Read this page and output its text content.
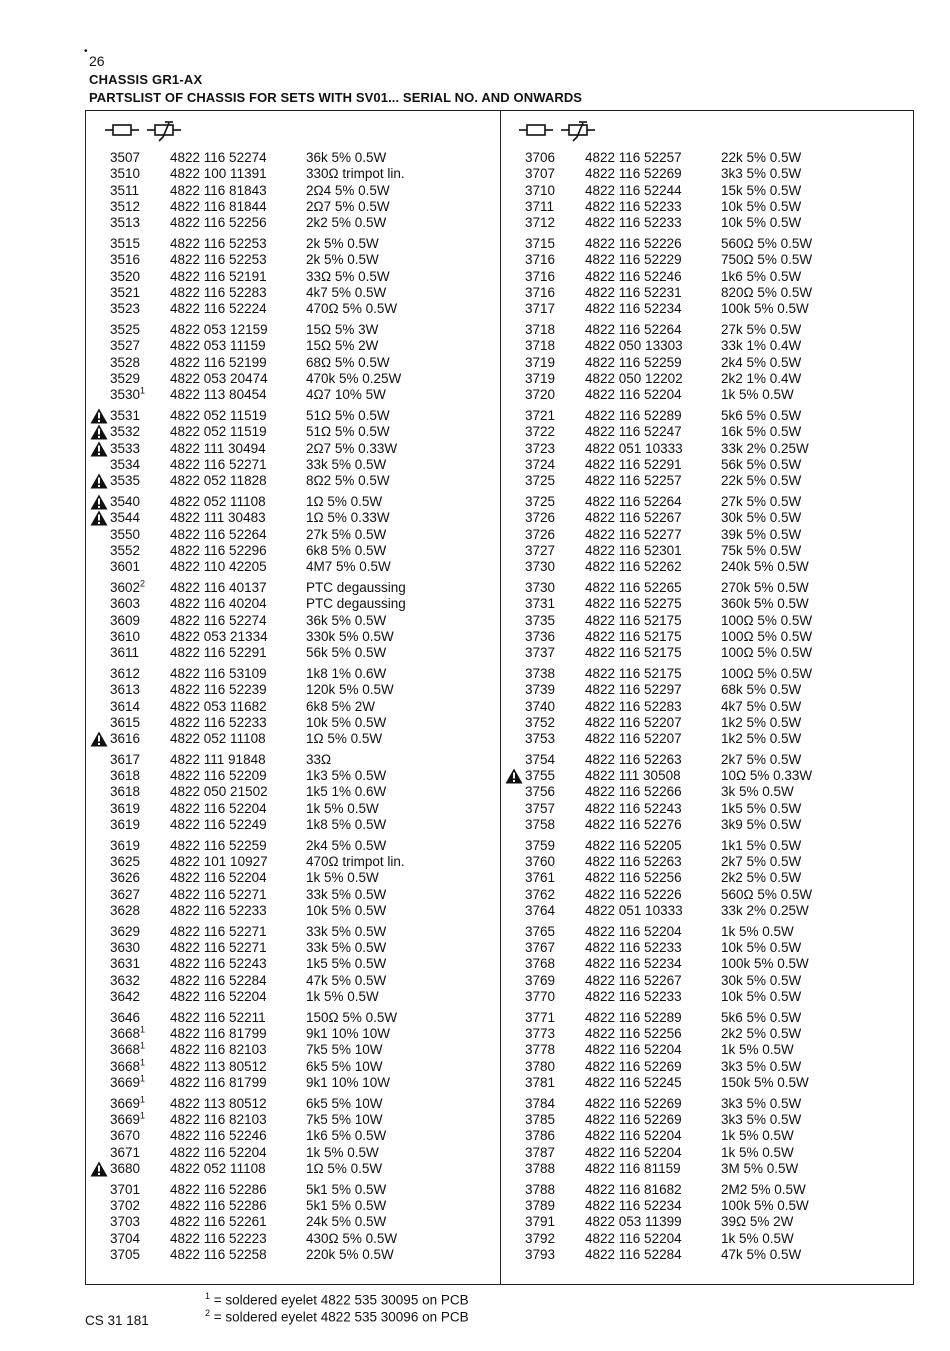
•
26
CHASSIS GR1-AX
PARTSLIST OF CHASSIS FOR SETS WITH SV01... SERIAL NO. AND ONWARDS
3507 4822 116 52274	36k 5% 0.5W
3510 4822 100 11391	330Ω trimpot lin.
3511 4822 116 81843	2Ω4 5% 0.5W
3512 4822 116 81844	2Ω7 5% 0.5W
3513 4822 116 52256	2k2 5% 0.5W
3515 4822 116 52253	2k 5% 0.5W
3516 4822 116 52253	2k 5% 0.5W
3520 4822 116 52191	33Ω 5% 0.5W
3521 4822 116 52283	4k7 5% 0.5W
3523 4822 116 52224	470Ω 5% 0.5W
3525 4822 053 12159	15Ω 5% 3W
3527 4822 053 11159	15Ω 5% 2W
3528 4822 116 52199	68Ω 5% 0.5W
3529 4822 053 20474	470k 5% 0.25W
3530$^1$ 4822 113 80454	4Ω7 10% 5W
3531 4822 052 11519	51Ω 5% 0.5W
3532 4822 052 11519	51Ω 5% 0.5W
3533 4822 111 30494	2Ω7 5% 0.33W
3534 4822 116 52271	33k 5% 0.5W
3535 4822 052 11828	8Ω2 5% 0.5W
3540 4822 052 11108	1Ω 5% 0.5W
3544 4822 111 30483	1Ω 5% 0.33W
3550 4822 116 52264	27k 5% 0.5W
3552 4822 116 52296	6k8 5% 0.5W
3601 4822 110 42205	4M7 5% 0.5W
3602$^2$ 4822 116 40137	PTC degaussing
3603 4822 116 40204	PTC degaussing
3609 4822 116 52274	36k 5% 0.5W
3610 4822 053 21334	330k 5% 0.5W
3611 4822 116 52291	56k 5% 0.5W
3612 4822 116 53109	1k8 1% 0.6W
3613 4822 116 52239	120k 5% 0.5W
3614 4822 053 11682	6k8 5% 2W
3615 4822 116 52233	10k 5% 0.5W
3616 4822 052 11108	1Ω 5% 0.5W
3617 4822 111 91848	33Ω
3618 4822 116 52209	1k3 5% 0.5W
3618 4822 050 21502	1k5 1% 0.6W
3619 4822 116 52204	1k 5% 0.5W
3619 4822 116 52249	1k8 5% 0.5W
3619 4822 116 52259	2k4 5% 0.5W
3625 4822 101 10927	470Ω trimpot lin.
3626 4822 116 52204	1k 5% 0.5W
3627 4822 116 52271	33k 5% 0.5W
3628 4822 116 52233	10k 5% 0.5W
3629 4822 116 52271	33k 5% 0.5W
3630 4822 116 52271	33k 5% 0.5W
3631 4822 116 52243	1k5 5% 0.5W
3632 4822 116 52284	47k 5% 0.5W
3642 4822 116 52204	1k 5% 0.5W
3646 4822 116 52211	150Ω 5% 0.5W
3668$^1$ 4822 116 81799	9k1 10% 10W
3668$^1$ 4822 116 82103	7k5 5% 10W
3668$^1$ 4822 113 80512	6k5 5% 10W
3669$^1$ 4822 116 81799	9k1 10% 10W
3669$^1$ 4822 113 80512	6k5 5% 10W
3669$^1$ 4822 116 82103	7k5 5% 10W
3670 4822 116 52246	1k6 5% 0.5W
3671 4822 116 52204	1k 5% 0.5W
3680 4822 052 11108	1Ω 5% 0.5W
3701 4822 116 52286	5k1 5% 0.5W
3702 4822 116 52286	5k1 5% 0.5W
3703 4822 116 52261	24k 5% 0.5W
3704 4822 116 52223	430Ω 5% 0.5W
3705 4822 116 52258	220k 5% 0.5W
3706 4822 116 52257	22k 5% 0.5W
3707 4822 116 52269	3k3 5% 0.5W
3710 4822 116 52244	15k 5% 0.5W
3711 4822 116 52233	10k 5% 0.5W
3712 4822 116 52233	10k 5% 0.5W
3715 4822 116 52226	560Ω 5% 0.5W
3716 4822 116 52229	750Ω 5% 0.5W
3716 4822 116 52246	1k6 5% 0.5W
3716 4822 116 52231	820Ω 5% 0.5W
3717 4822 116 52234	100k 5% 0.5W
3718 4822 116 52264	27k 5% 0.5W
3718 4822 050 13303	33k 1% 0.4W
3719 4822 116 52259	2k4 5% 0.5W
3719 4822 050 12202	2k2 1% 0.4W
3720 4822 116 52204	1k 5% 0.5W
3721 4822 116 52289	5k6 5% 0.5W
3722 4822 116 52247	16k 5% 0.5W
3723 4822 051 10333	33k 2% 0.25W
3724 4822 116 52291	56k 5% 0.5W
3725 4822 116 52257	22k 5% 0.5W
3725 4822 116 52264	27k 5% 0.5W
3726 4822 116 52267	30k 5% 0.5W
3726 4822 116 52277	39k 5% 0.5W
3727 4822 116 52301	75k 5% 0.5W
3730 4822 116 52262	240k 5% 0.5W
3730 4822 116 52265	270k 5% 0.5W
3731 4822 116 52275	360k 5% 0.5W
3735 4822 116 52175	100Ω 5% 0.5W
3736 4822 116 52175	100Ω 5% 0.5W
3737 4822 116 52175	100Ω 5% 0.5W
3738 4822 116 52175	100Ω 5% 0.5W
3739 4822 116 52297	68k 5% 0.5W
3740 4822 116 52283	4k7 5% 0.5W
3752 4822 116 52207	1k2 5% 0.5W
3753 4822 116 52207	1k2 5% 0.5W
3754 4822 116 52263	2k7 5% 0.5W
3755 4822 111 30508	10Ω 5% 0.33W
3756 4822 116 52266	3k 5% 0.5W
3757 4822 116 52243	1k5 5% 0.5W
3758 4822 116 52276	3k9 5% 0.5W
3759 4822 116 52205	1k1 5% 0.5W
3760 4822 116 52263	2k7 5% 0.5W
3761 4822 116 52256	2k2 5% 0.5W
3762 4822 116 52226	560Ω 5% 0.5W
3764 4822 051 10333	33k 2% 0.25W
3765 4822 116 52204	1k 5% 0.5W
3767 4822 116 52233	10k 5% 0.5W
3768 4822 116 52234	100k 5% 0.5W
3769 4822 116 52267	30k 5% 0.5W
3770 4822 116 52233	10k 5% 0.5W
3771 4822 116 52289	5k6 5% 0.5W
3773 4822 116 52256	2k2 5% 0.5W
3778 4822 116 52204	1k 5% 0.5W
3780 4822 116 52269	3k3 5% 0.5W
3781 4822 116 52245	150k 5% 0.5W
3784 4822 116 52269	3k3 5% 0.5W
3785 4822 116 52269	3k3 5% 0.5W
3786 4822 116 52204	1k 5% 0.5W
3787 4822 116 52204	1k 5% 0.5W
3788 4822 116 81159	3M 5% 0.5W
3788 4822 116 81682	2M2 5% 0.5W
3789 4822 116 52234	100k 5% 0.5W
3791 4822 053 11399	39Ω 5% 2W
3792 4822 116 52204	1k 5% 0.5W
3793 4822 116 52284	47k 5% 0.5W
$^1$ = soldered eyelet 4822 535 30095 on PCB
$^2$ = soldered eyelet 4822 535 30096 on PCB
CS 31 181
